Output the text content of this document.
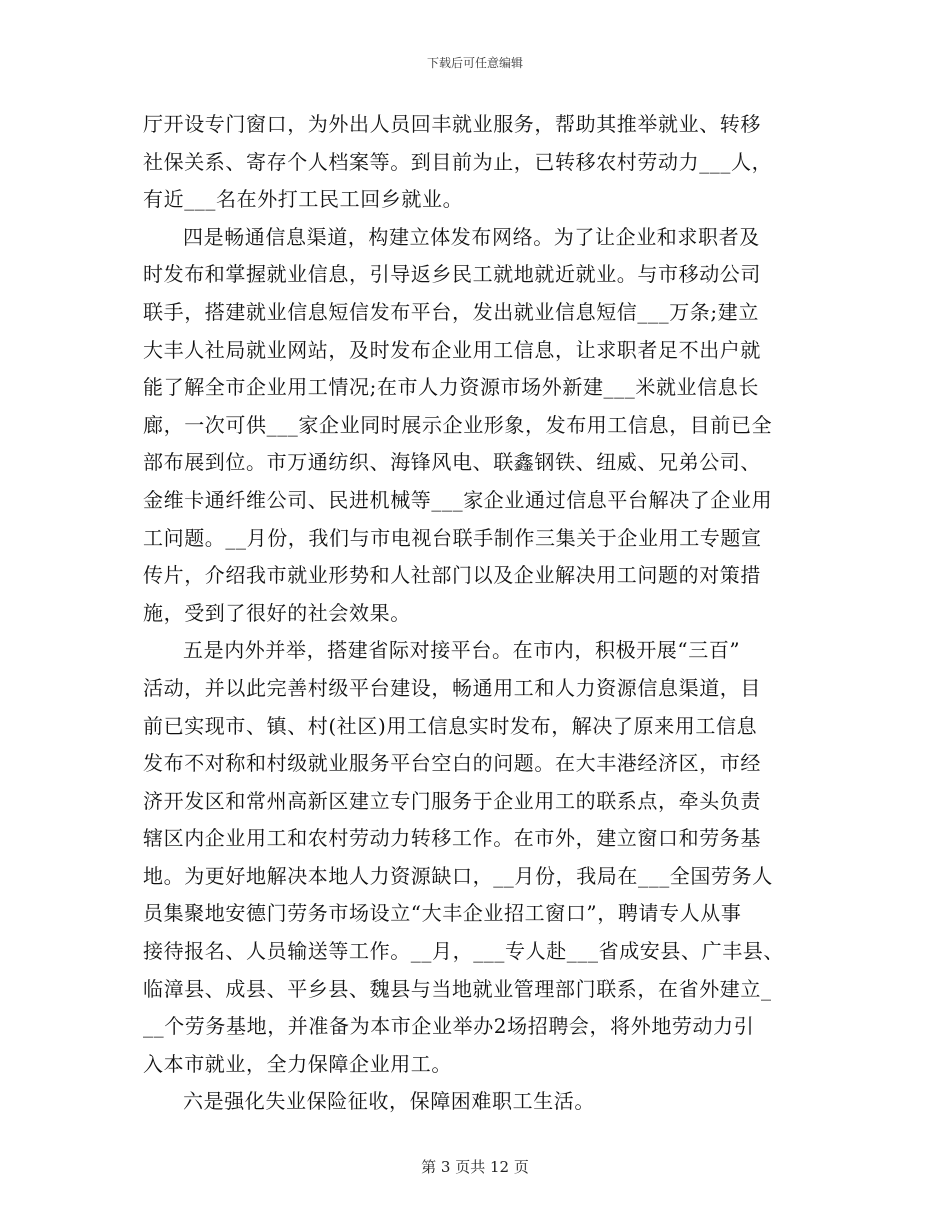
下载后可任意编辑
厅开设专门窗口，为外出人员回丰就业服务，帮助其推举就业、转移
社保关系、寄存个人档案等。到目前为止，已转移农村劳动力___人，
有近___名在外打工民工回乡就业。
四是畅通信息渠道，构建立体发布网络。为了让企业和求职者及
时发布和掌握就业信息，引导返乡民工就地就近就业。与市移动公司
联手，搭建就业信息短信发布平台，发出就业信息短信___万条;建立
大丰人社局就业网站，及时发布企业用工信息，让求职者足不出户就
能了解全市企业用工情况;在市人力资源市场外新建___米就业信息长
廊，一次可供___家企业同时展示企业形象，发布用工信息，目前已全
部布展到位。市万通纺织、海锋风电、联鑫钢铁、纽威、兄弟公司、
金维卡通纤维公司、民进机械等___家企业通过信息平台解决了企业用
工问题。__月份，我们与市电视台联手制作三集关于企业用工专题宣
传片，介绍我市就业形势和人社部门以及企业解决用工问题的对策措
施，受到了很好的社会效果。
五是内外并举，搭建省际对接平台。在市内，积极开展“三百”
活动，并以此完善村级平台建设，畅通用工和人力资源信息渠道，目
前已实现市、镇、村(社区)用工信息实时发布，解决了原来用工信息
发布不对称和村级就业服务平台空白的问题。在大丰港经济区，市经
济开发区和常州高新区建立专门服务于企业用工的联系点，牵头负责
辖区内企业用工和农村劳动力转移工作。在市外，建立窗口和劳务基
地。为更好地解决本地人力资源缺口，__月份，我局在___全国劳务人
员集聚地安德门劳务市场设立“大丰企业招工窗口”，聘请专人从事
接待报名、人员输送等工作。__月，___专人赴___省成安县、广丰县、
临漳县、成县、平乡县、魏县与当地就业管理部门联系，在省外建立_
__个劳务基地，并准备为本市企业举办2场招聘会，将外地劳动力引
入本市就业，全力保障企业用工。
六是强化失业保险征收，保障困难职工生活。
第 3 页共 12 页
